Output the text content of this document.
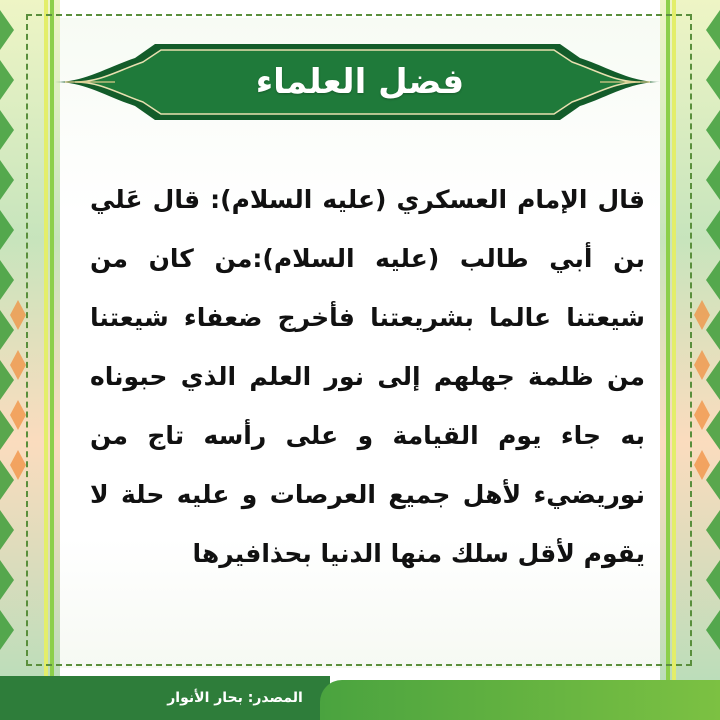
فضل العلماء
قال الإمام العسكري (عليه السلام): قال عَلي بن أبي طالب (عليه السلام):من كان من شيعتنا عالما بشريعتنا فأخرج ضعفاء شيعتنا من ظلمة جهلهم إلى نور العلم الذي حبوناه به جاء يوم القيامة و على رأسه تاج من نوريضيء لأهل جميع العرصات و عليه حلة لا يقوم لأقل سلك منها الدنيا بحذافيرها
المصدر: بحار الأنوار
